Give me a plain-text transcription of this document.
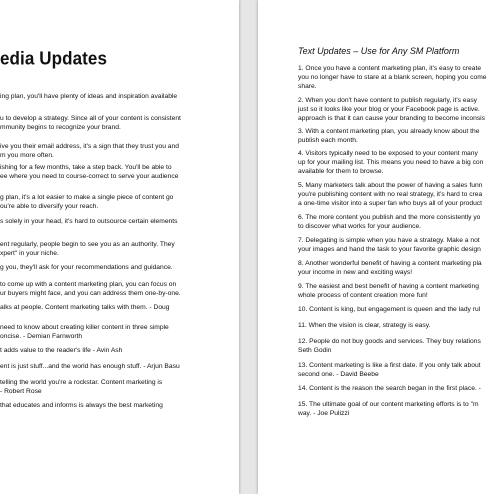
edia Updates

ing plan, you'll have plenty of ideas and inspiration available

u to develop a strategy. Since all of your content is consistent
mmunity begins to recognize your brand.

ive you their email address, it's a sign that they trust you and
m you more often.

ishing for a few months, take a step back. You'll be able to
ee where you need to course-correct to serve your audience

g plan, it's a lot easier to make a single piece of content go
ou're able to diversify your reach.

s solely in your head, it's hard to outsource certain elements

ent regularly, people begin to see you as an authority. They
xpert" in your niche.

g you, they'll ask for your recommendations and guidance.

to come up with a content marketing plan, you can focus on
ur buyers might face, and you can address them one-by-one.

alks at people. Content marketing talks with them. - Doug

need to know about creating killer content in three simple
oncise. - Demian Farnworth

t adds value to the reader's life - Avin Ash

ent is just stuff...and the world has enough stuff. - Arjun Basu

telling the world you're a rockstar. Content marketing is
- Robert Rose

that educates and informs is always the best marketing

Text Updates – Use for Any SM Platform

1. Once you have a content marketing plan, it's easy to create
you no longer have to stare at a blank screen, hoping you come
share.

2. When you don't have content to publish regularly, it's easy
just so it looks like your blog or your Facebook page is active.
approach is that it can cause your branding to become inconsis

3. With a content marketing plan, you already know about the
publish each month.

4. Visitors typically need to be exposed to your content many
up for your mailing list. This means you need to have a big con
available for them to browse.

5. Many marketers talk about the power of having a sales funn
you're publishing content with no real strategy, it's hard to crea
a one-time visitor into a super fan who buys all of your product

6. The more content you publish and the more consistently yo
to discover what works for your audience.

7. Delegating is simple when you have a strategy. Make a not
your images and hand the task to your favorite graphic design

8. Another wonderful benefit of having a content marketing pla
your income in new and exciting ways!

9. The easiest and best benefit of having a content marketing
whole process of content creation more fun!

10. Content is king, but engagement is queen and the lady rul

11. When the vision is clear, strategy is easy.

12. People do not buy goods and services. They buy relations
Seth Godin

13. Content marketing is like a first date. If you only talk about
second one. - David Beebe

14. Content is the reason the search began in the first place. -

15. The ultimate goal of our content marketing efforts is to "m
way. - Joe Pulizzi
